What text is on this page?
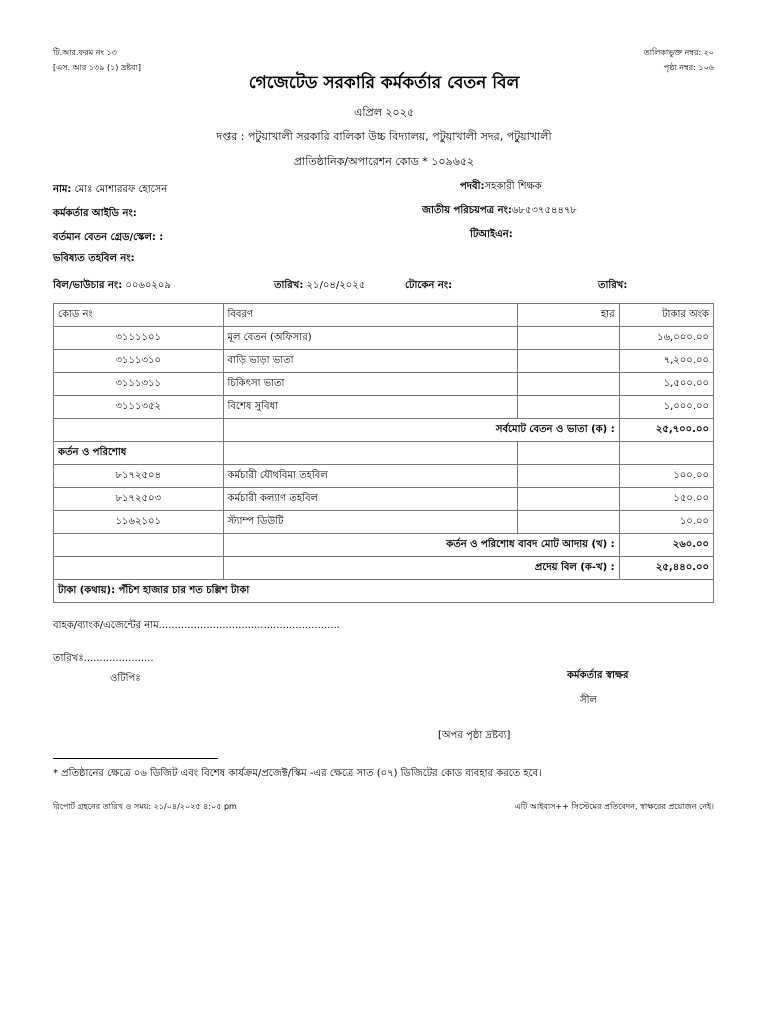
টি.আর.ফরম নং ১৩
[এস. আর ১৩৯ (১) দ্রষ্টব্য]
তালিকাভুক্ত নম্বর: ২০
পৃষ্ঠা নম্বর: ১০৬
গেজেটেড সরকারি কর্মকর্তার বেতন বিল
এপ্রিল ২০২৫
দপ্তর : পটুয়াখালী সরকারি বালিকা উচ্চ বিদ্যালয়, পটুয়াখালী সদর, পটুয়াখালী
প্রাতিষ্ঠানিক/অপারেশন কোড * ১০৯৬৫২
নাম: মোঃ মোশাররফ হোসেন	পদবী:সহকারী শিক্ষক
কর্মকর্তার আইডি নং:	জাতীয় পরিচয়পত্র নং:৬৮৫৩৭৫৪৪৭৮
বর্তমান বেতন গ্রেড/স্কেল: :	টিআইএন:
ভবিষ্যত তহবিল নং:
বিল/ভাউচার নং: ০০৬০২০৯	তারিখ: ২১/০৪/২০২৫	টোকেন নং:	তারিখ:
কোড নং	বিবরণ	হার	টাকার অংক
৩১১১১০১	মূল বেতন (অফিসার)		১৬,০০০.০০
৩১১১৩১০	বাড়ি ভাড়া ভাতা		৭,২০০.০০
৩১১১৩১১	চিকিৎসা ভাতা		১,৫০০.০০
৩১১১৩৫২	বিশেষ সুবিধা		১,০০০.০০
	সর্বমোট বেতন ও ভাতা (ক) :		২৫,৭০০.০০
কর্তন ও পরিশোধ			
৮১৭২৫০৪	কর্মচারী যৌথবিমা তহবিল		১০০.০০
৮১৭২৫০৩	কর্মচারী কল্যাণ তহবিল		১৫০.০০
১১৬২১০১	স্ট্যাম্প ডিউটি		১০.০০
	কর্তন ও পরিশোধ বাবদ মোট আদায় (খ) :		২৬০.০০
	প্রদেয় বিল (ক-খ) :		২৫,৪৪০.০০
টাকা (কথায়): পঁচিশ হাজার চার শত চল্লিশ টাকা			
বাহক/ব্যাংক/এজেন্টের নাম.........................................................
তারিখঃ......................
ওটিপিঃ	কর্মকর্তার স্বাক্ষর
সীল
[অপর পৃষ্ঠা দ্রষ্টব্য]
* প্রতিষ্ঠানের ক্ষেত্রে ০৬ ডিজিট এবং বিশেষ কার্যক্রম/প্রজেক্ট/স্কিম -এর ক্ষেত্রে সাত (০৭) ডিজিটের কোড ব্যবহার করতে হবে।
রিপোর্ট গ্রহনের তারিখ ও সময়: ২১/০৪/২০২৫ ৪:০৫ pm	এটি আইবাস++ সিস্টেমের প্রতিবেদন, স্বাক্ষরের প্রয়োজন নেই।
